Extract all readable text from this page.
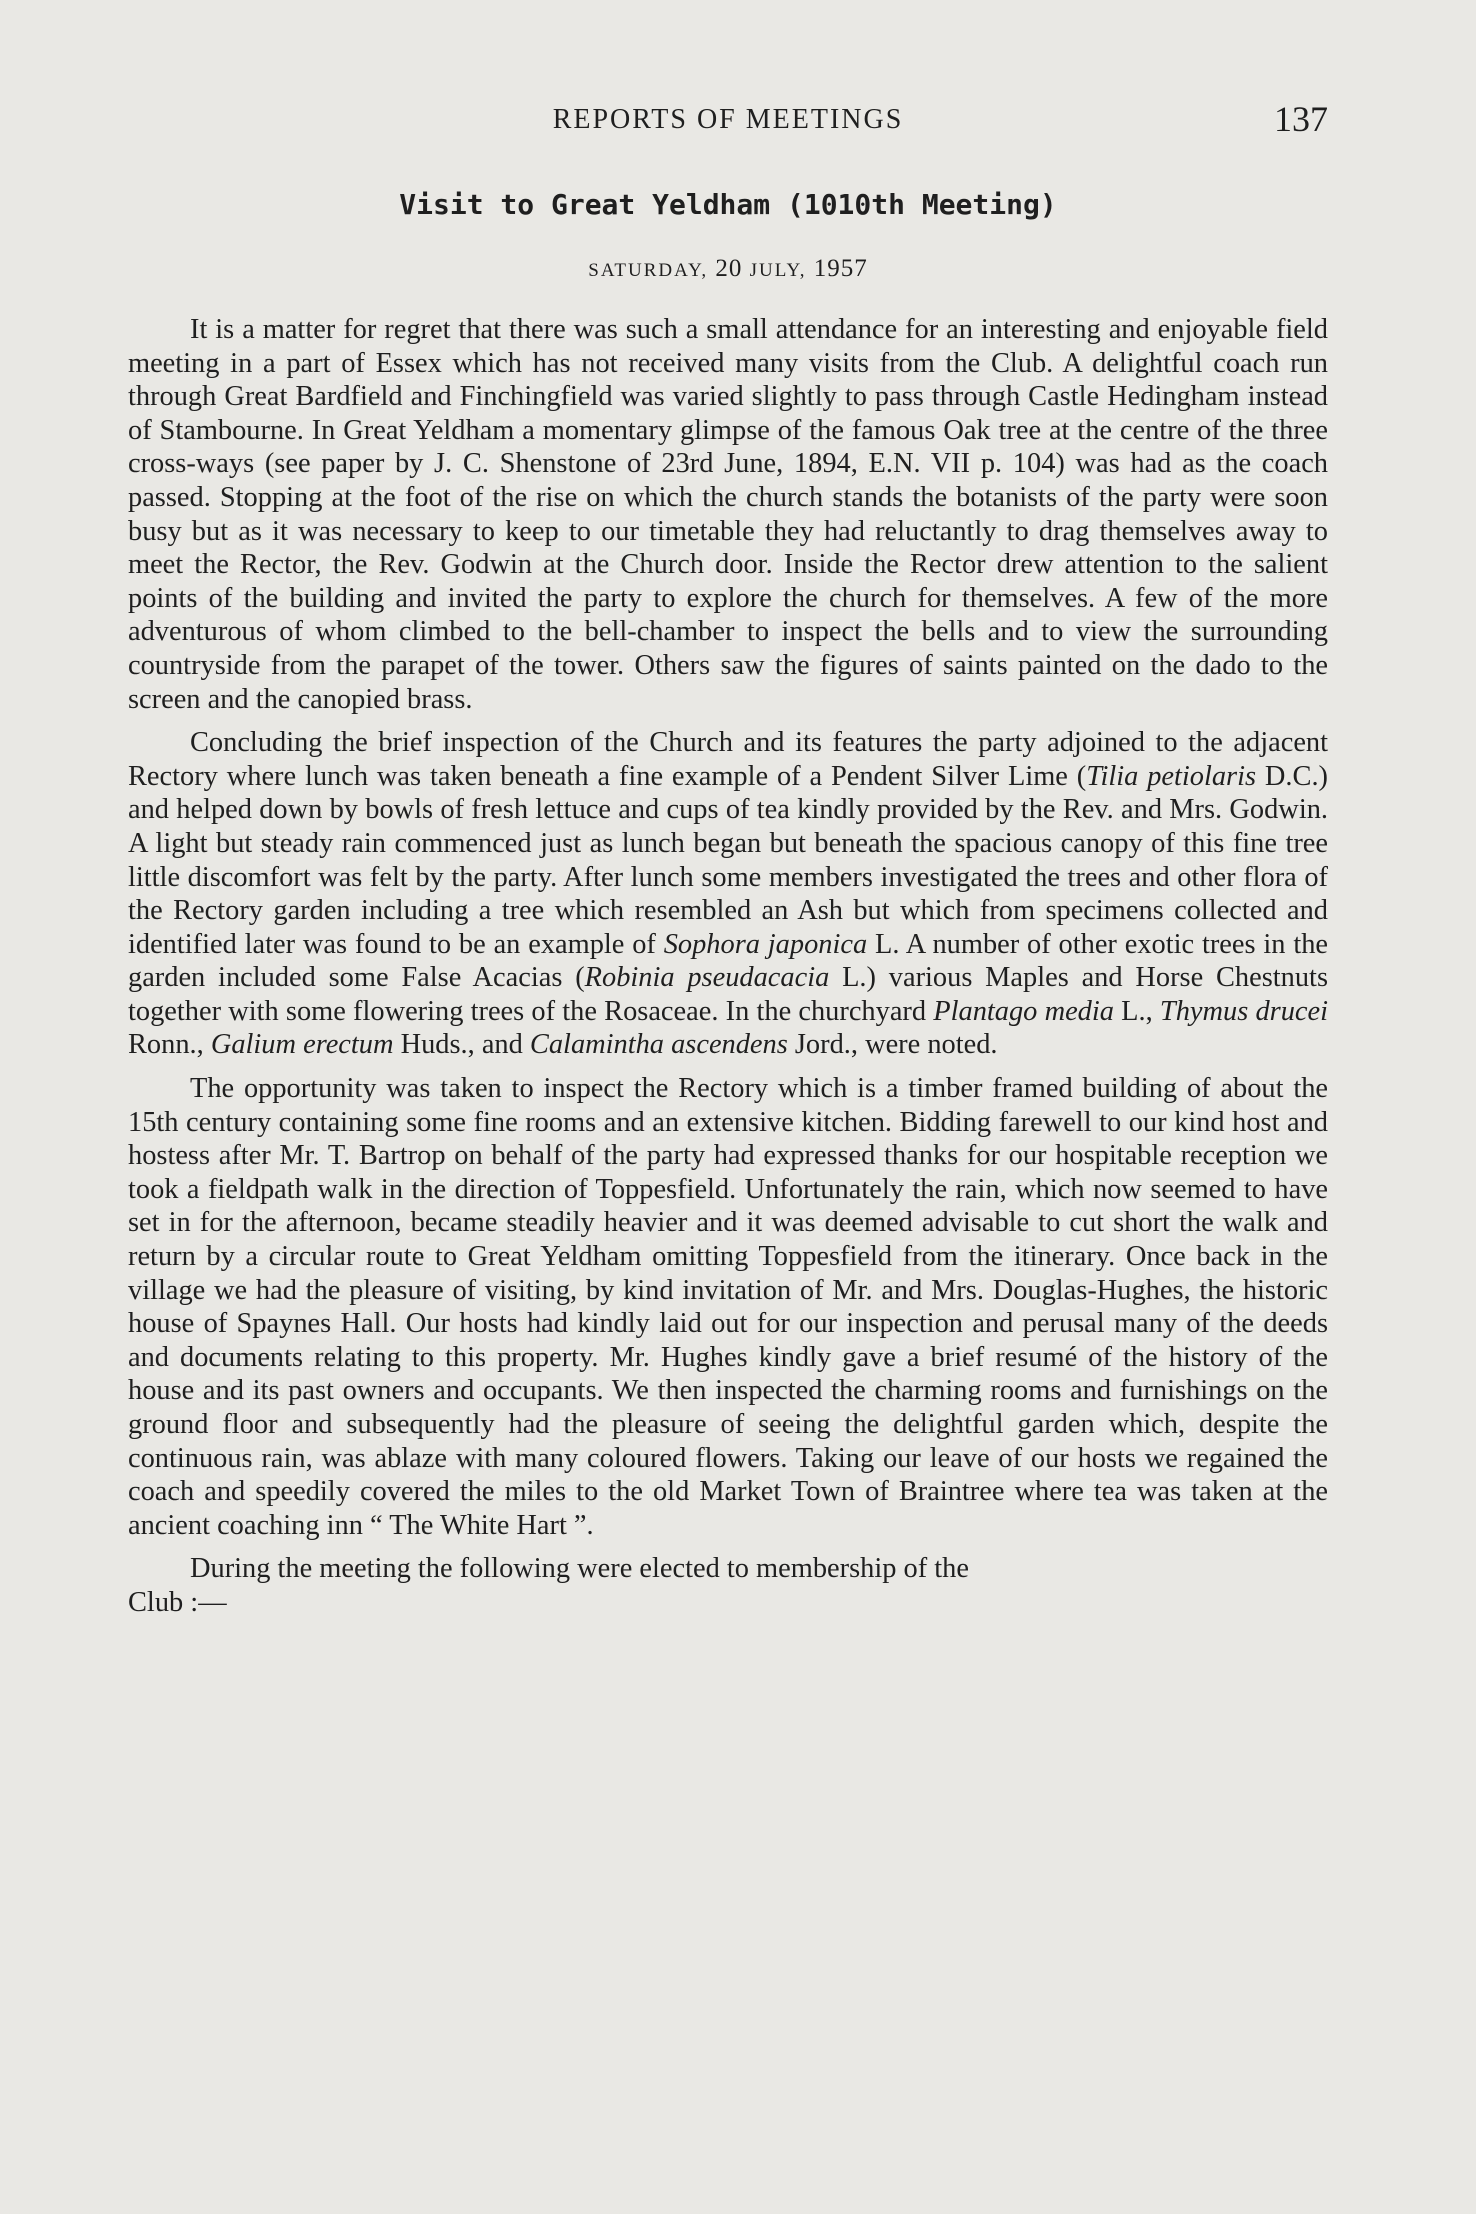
REPORTS OF MEETINGS	137
Visit to Great Yeldham (1010th Meeting)
SATURDAY, 20 JULY, 1957

It is a matter for regret that there was such a small attendance for an interesting and enjoyable field meeting in a part of Essex which has not received many visits from the Club. A delightful coach run through Great Bardfield and Finchingfield was varied slightly to pass through Castle Hedingham instead of Stambourne. In Great Yeldham a momentary glimpse of the famous Oak tree at the centre of the three cross-ways (see paper by J. C. Shenstone of 23rd June, 1894, E.N. VII p. 104) was had as the coach passed. Stopping at the foot of the rise on which the church stands the botanists of the party were soon busy but as it was necessary to keep to our timetable they had reluctantly to drag themselves away to meet the Rector, the Rev. Godwin at the Church door. Inside the Rector drew attention to the salient points of the building and invited the party to explore the church for themselves. A few of the more adventurous of whom climbed to the bell-chamber to inspect the bells and to view the surrounding countryside from the parapet of the tower. Others saw the figures of saints painted on the dado to the screen and the canopied brass.

Concluding the brief inspection of the Church and its features the party adjoined to the adjacent Rectory where lunch was taken beneath a fine example of a Pendent Silver Lime (Tilia petiolaris D.C.) and helped down by bowls of fresh lettuce and cups of tea kindly provided by the Rev. and Mrs. Godwin. A light but steady rain commenced just as lunch began but beneath the spacious canopy of this fine tree little discomfort was felt by the party. After lunch some members investigated the trees and other flora of the Rectory garden including a tree which resembled an Ash but which from specimens collected and identified later was found to be an example of Sophora japonica L. A number of other exotic trees in the garden included some False Acacias (Robinia pseudacacia L.) various Maples and Horse Chestnuts together with some flowering trees of the Rosaceae. In the churchyard Plantago media L., Thymus drucei Ronn., Galium erectum Huds., and Calamintha ascendens Jord., were noted.

The opportunity was taken to inspect the Rectory which is a timber framed building of about the 15th century containing some fine rooms and an extensive kitchen. Bidding farewell to our kind host and hostess after Mr. T. Bartrop on behalf of the party had expressed thanks for our hospitable reception we took a fieldpath walk in the direction of Toppesfield. Unfortunately the rain, which now seemed to have set in for the afternoon, became steadily heavier and it was deemed advisable to cut short the walk and return by a circular route to Great Yeldham omitting Toppesfield from the itinerary. Once back in the village we had the pleasure of visiting, by kind invitation of Mr. and Mrs. Douglas-Hughes, the historic house of Spaynes Hall. Our hosts had kindly laid out for our inspection and perusal many of the deeds and documents relating to this property. Mr. Hughes kindly gave a brief resumé of the history of the house and its past owners and occupants. We then inspected the charming rooms and furnishings on the ground floor and subsequently had the pleasure of seeing the delightful garden which, despite the continuous rain, was ablaze with many coloured flowers. Taking our leave of our hosts we regained the coach and speedily covered the miles to the old Market Town of Braintree where tea was taken at the ancient coaching inn “ The White Hart ”.

During the meeting the following were elected to membership of the

Club :—
